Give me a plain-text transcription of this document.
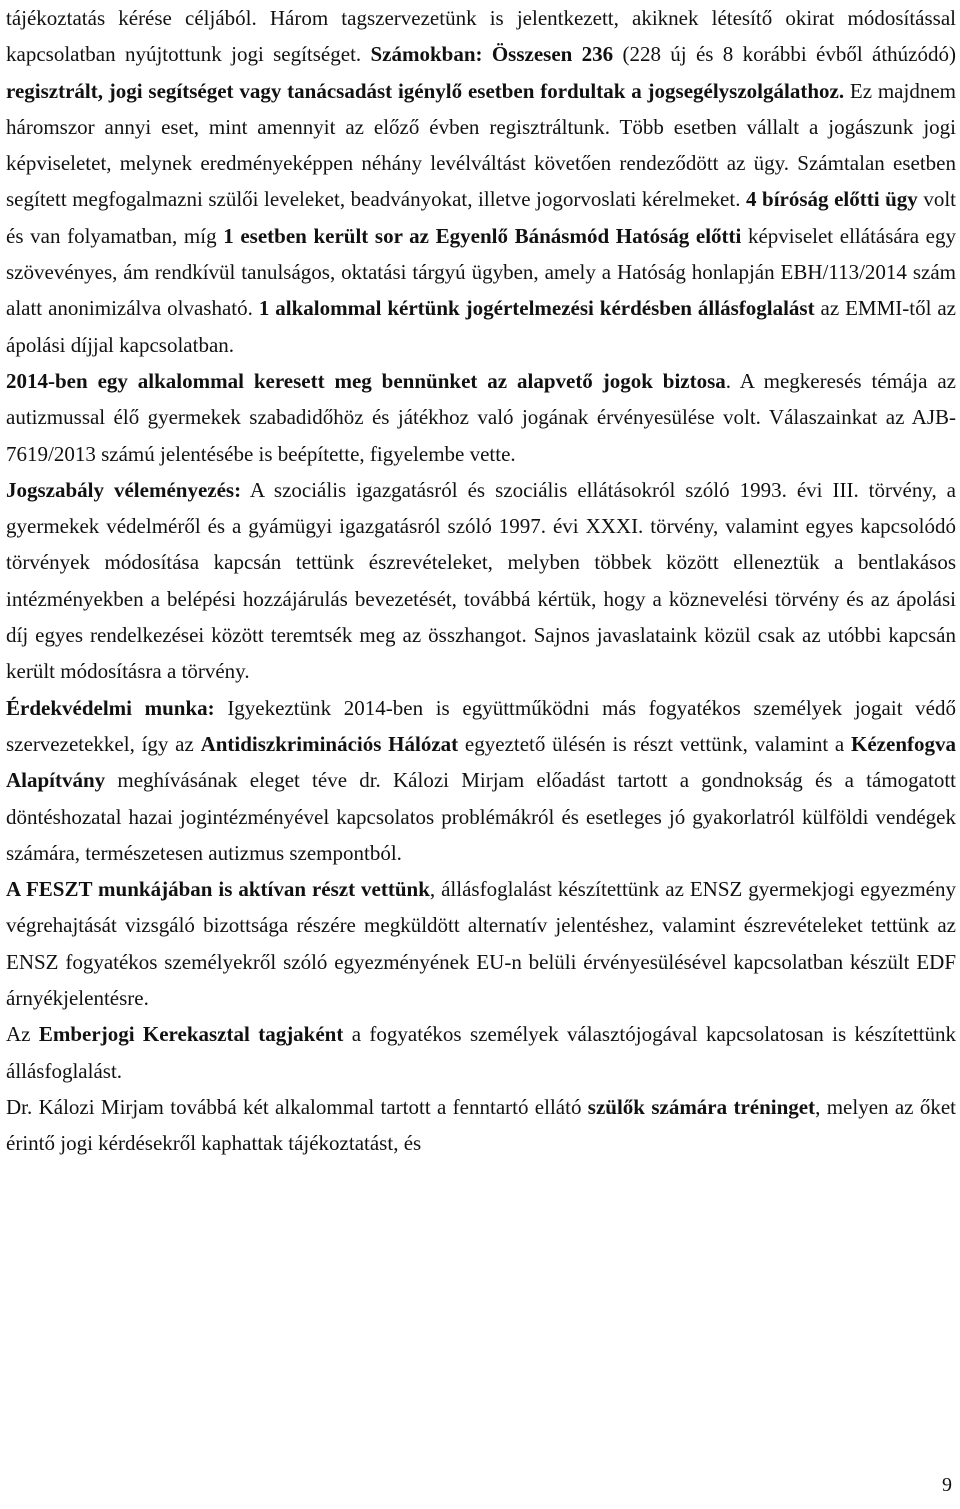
tájékoztatás kérése céljából. Három tagszervezetünk is jelentkezett, akiknek létesítő okirat módosítással kapcsolatban nyújtottunk jogi segítséget. Számokban: Összesen 236 (228 új és 8 korábbi évből áthúzódó) regisztrált, jogi segítséget vagy tanácsadást igénylő esetben fordultak a jogsegélyszolgálathoz. Ez majdnem háromszor annyi eset, mint amennyit az előző évben regisztráltunk. Több esetben vállalt a jogászunk jogi képviseletet, melynek eredményeképpen néhány levélváltást követően rendeződött az ügy. Számtalan esetben segített megfogalmazni szülői leveleket, beadványokat, illetve jogorvoslati kérelmeket. 4 bíróság előtti ügy volt és van folyamatban, míg 1 esetben került sor az Egyenlő Bánásmód Hatóság előtti képviselet ellátására egy szövevényes, ám rendkívül tanulságos, oktatási tárgyú ügyben, amely a Hatóság honlapján EBH/113/2014 szám alatt anonimizálva olvasható. 1 alkalommal kértünk jogértelmezési kérdésben állásfoglalást az EMMI-től az ápolási díjjal kapcsolatban.

2014-ben egy alkalommal keresett meg bennünket az alapvető jogok biztosa. A megkeresés témája az autizmussal élő gyermekek szabadidőhöz és játékhoz való jogának érvényesülése volt. Válaszainkat az AJB-7619/2013 számú jelentésébe is beépítette, figyelembe vette.

Jogszabály véleményezés: A szociális igazgatásról és szociális ellátásokról szóló 1993. évi III. törvény, a gyermekek védelméről és a gyámügyi igazgatásról szóló 1997. évi XXXI. törvény, valamint egyes kapcsolódó törvények módosítása kapcsán tettünk észrevételeket, melyben többek között elleneztük a bentlakásos intézményekben a belépési hozzájárulás bevezetését, továbbá kértük, hogy a köznevelési törvény és az ápolási díj egyes rendelkezései között teremtsék meg az összhangot. Sajnos javaslataink közül csak az utóbbi kapcsán került módosításra a törvény.

Érdekvédelmi munka: Igyekeztünk 2014-ben is együttműködni más fogyatékos személyek jogait védő szervezetekkel, így az Antidiszkriminációs Hálózat egyeztető ülésén is részt vettünk, valamint a Kézenfogva Alapítvány meghívásának eleget téve dr. Kálozi Mirjam előadást tartott a gondnokság és a támogatott döntéshozatal hazai jogintézményével kapcsolatos problémákról és esetleges jó gyakorlatról külföldi vendégek számára, természetesen autizmus szempontból.

A FESZT munkájában is aktívan részt vettünk, állásfoglalást készítettünk az ENSZ gyermekjogi egyezmény végrehajtását vizsgáló bizottsága részére megküldött alternatív jelentéshez, valamint észrevételeket tettünk az ENSZ fogyatékos személyekről szóló egyezményének EU-n belüli érvényesülésével kapcsolatban készült EDF árnyékjelentésre.

Az Emberjogi Kerekasztal tagjaként a fogyatékos személyek választójogával kapcsolatosan is készítettünk állásfoglalást.

Dr. Kálozi Mirjam továbbá két alkalommal tartott a fenntartó ellátó szülők számára tréninget, melyen az őket érintő jogi kérdésekről kaphattak tájékoztatást, és

9
